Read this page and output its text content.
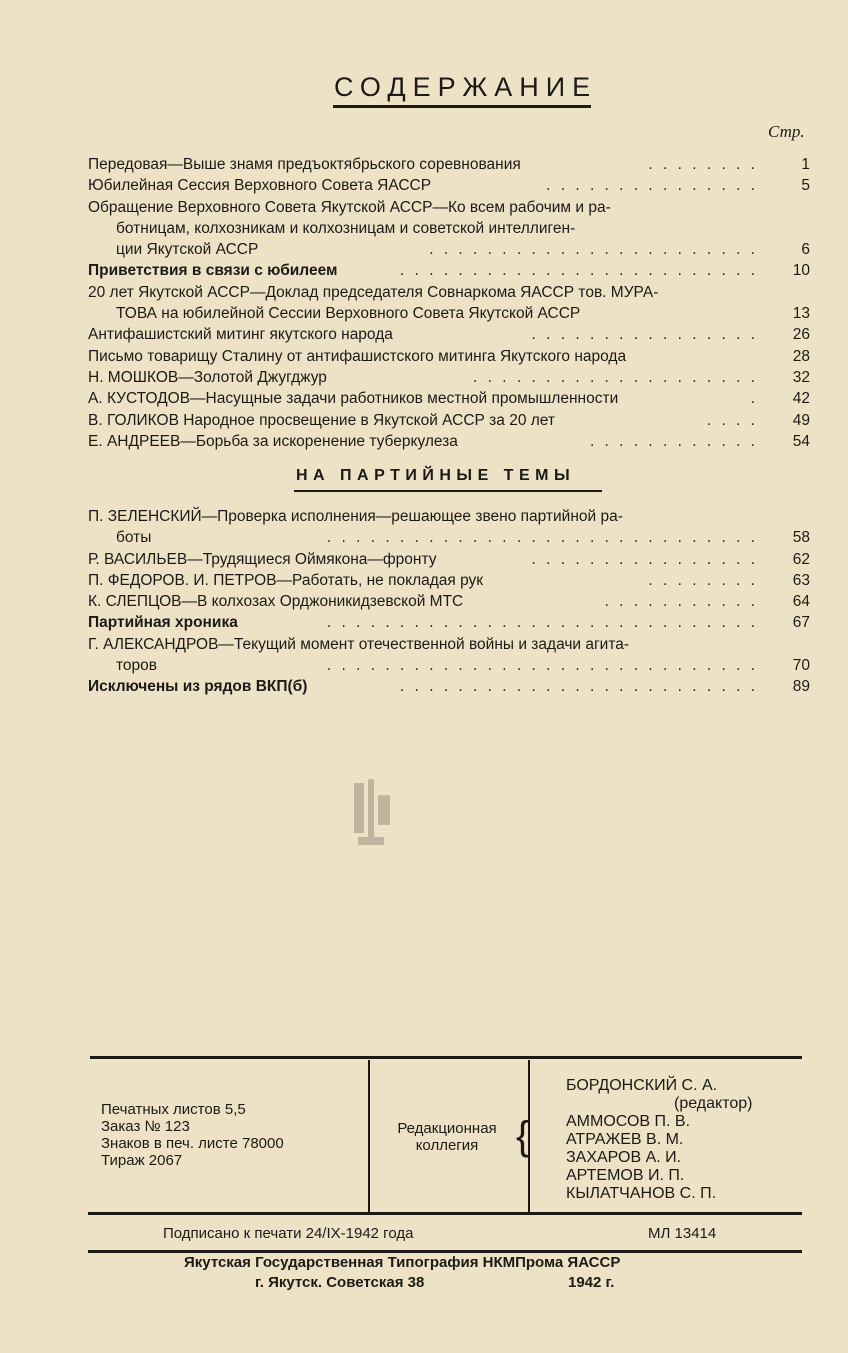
СОДЕРЖАНИЕ
Стр.
Передовая—Выше знамя предъоктябрьского соревнования	. . . . . . . .	1
Юбилейная Сессия Верховного Совета ЯАССР	. . . . . . . . . . . . . . .	5
Обращение Верховного Совета Якутской АССР—Ко всем рабочим и ра-
ботницам, колхозникам и колхозницам и советской интеллиген-
ции Якутской АССР	. . . . . . . . . . . . . . . . . . . . . . .	6
Приветствия в связи с юбилеем	. . . . . . . . . . . . . . . . . . . . . . . . .	10
20 лет Якутской АССР—Доклад председателя Совнаркома ЯАССР тов. МУРА-
ТОВА на юбилейной Сессии Верховного Совета Якутской АССР	13
Антифашистский митинг якутского народа	. . . . . . . . . . . . . . . .	26
Письмо товарищу Сталину от антифашистского митинга Якутского народа	28
Н. МОШКОВ—Золотой Джугджур	. . . . . . . . . . . . . . . . . . . .	32
А. КУСТОДОВ—Насущные задачи работников местной промышленности	.	42
В. ГОЛИКОВ Народное просвещение в Якутской АССР за 20 лет	. . . .	49
Е. АНДРЕЕВ—Борьба за искоренение туберкулеза	. . . . . . . . . . . .	54
НА ПАРТИЙНЫЕ ТЕМЫ
П. ЗЕЛЕНСКИЙ—Проверка исполнения—решающее звено партийной ра-
боты	. . . . . . . . . . . . . . . . . . . . . . . . . . . . . .	58
Р. ВАСИЛЬЕВ—Трудящиеся Оймякона—фронту	. . . . . . . . . . . . . . . .	62
П. ФЕДОРОВ. И. ПЕТРОВ—Работать, не покладая рук	. . . . . . . .	63
К. СЛЕПЦОВ—В колхозах Орджоникидзевской МТС	. . . . . . . . . . .	64
Партийная хроника	. . . . . . . . . . . . . . . . . . . . . . . . . . . . . .	67
Г. АЛЕКСАНДРОВ—Текущий момент отечественной войны и задачи агита-
торов	. . . . . . . . . . . . . . . . . . . . . . . . . . . . . .	70
Исключены из рядов ВКП(б)	. . . . . . . . . . . . . . . . . . . . . . . . .	89
Печатных листов 5,5
Заказ № 123
Знаков в печ. листе 78000
Тираж 2067
Редакционная
коллегия {
БОРДОНСКИЙ С. А.
(редактор)
АММОСОВ П. В.
АТРАЖЕВ В. М.
ЗАХАРОВ А. И.
АРТЕМОВ И. П.
КЫЛАТЧАНОВ С. П.
Подписано к печати 24/IX-1942 года	МЛ 13414
Якутская Государственная Типография НКМПрома ЯАССР
г. Якутск. Советская 38	1942 г.
